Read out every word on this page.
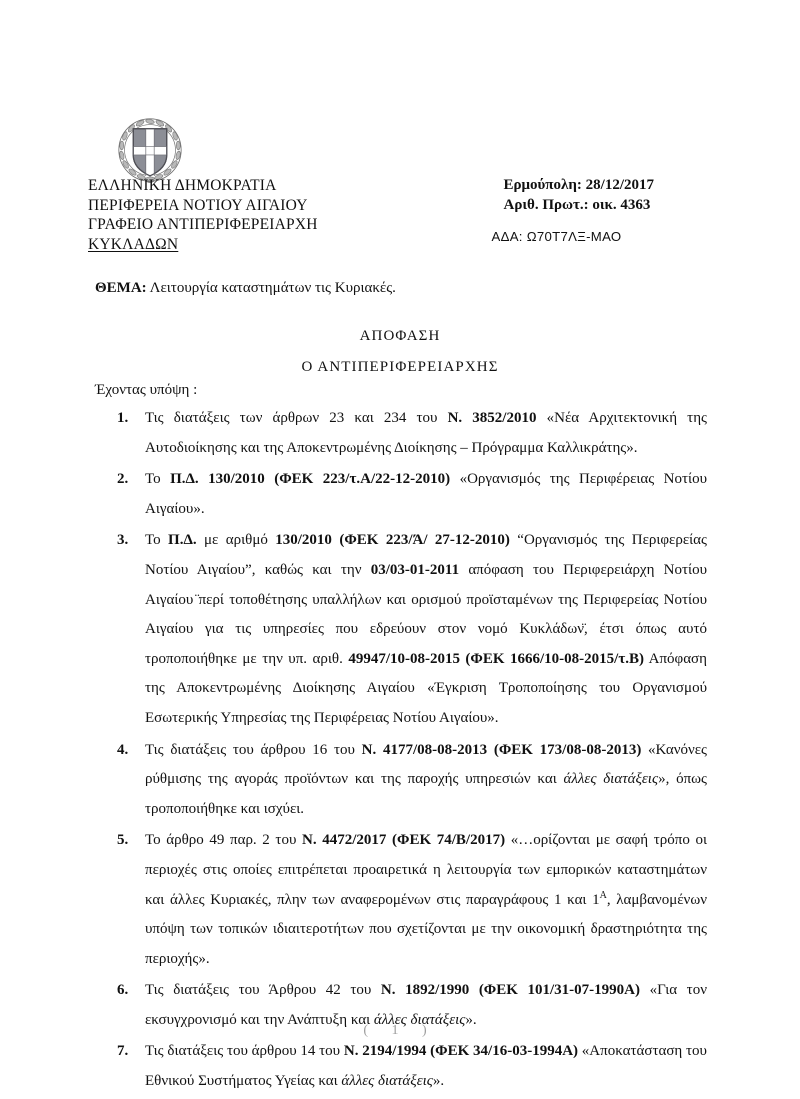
ΕΛΛΗΝΙΚΗ ΔΗΜΟΚΡΑΤΙΑ
ΠΕΡΙΦΕΡΕΙΑ ΝΟΤΙΟΥ ΑΙΓΑΙΟΥ
ΓΡΑΦΕΙΟ ΑΝΤΙΠΕΡΙΦΕΡΕΙΑΡΧΗ
ΚΥΚΛΑΔΩΝ
Ερμούπολη: 28/12/2017
Αριθ. Πρωτ.: οικ. 4363
ΑΔΑ: Ω70Τ7ΛΞ-ΜΑΟ
ΘΕΜΑ: Λειτουργία καταστημάτων τις Κυριακές.
ΑΠΟΦΑΣΗ
Ο ΑΝΤΙΠΕΡΙΦΕΡΕΙΑΡΧΗΣ
Έχοντας υπόψη :
1.	Τις διατάξεις των άρθρων 23 και 234 του Ν. 3852/2010 «Νέα Αρχιτεκτονική της Αυτοδιοίκησης και της Αποκεντρωμένης Διοίκησης – Πρόγραμμα Καλλικράτης».
2.	Το Π.Δ. 130/2010 (ΦΕΚ 223/τ.Α/22-12-2010) «Οργανισμός της Περιφέρειας Νοτίου Αιγαίου».
3.	Το Π.Δ. με αριθμό 130/2010 (ΦΕΚ 223/Ά/ 27-12-2010) “Οργανισμός της Περιφερείας Νοτίου Αιγαίου”, καθώς και την 03/03-01-2011 απόφαση του Περιφερειάρχη Νοτίου Αιγαίου ̈περί τοποθέτησης υπαλλήλων και ορισμού προϊσταμένων της Περιφερείας Νοτίου Αιγαίου για τις υπηρεσίες που εδρεύουν στον νομό Κυκλάδων̈, έτσι όπως αυτό τροποποιήθηκε με την υπ. αριθ. 49947/10-08-2015 (ΦΕΚ 1666/10-08-2015/τ.Β) Απόφαση της Αποκεντρωμένης Διοίκησης Αιγαίου «Έγκριση Τροποποίησης του Οργανισμού Εσωτερικής Υπηρεσίας της Περιφέρειας Νοτίου Αιγαίου».
4.	Τις διατάξεις του άρθρου 16 του Ν. 4177/08-08-2013 (ΦΕΚ 173/08-08-2013) «Κανόνες ρύθμισης της αγοράς προϊόντων και της παροχής υπηρεσιών και άλλες διατάξεις», όπως τροποποιήθηκε και ισχύει.
5.	Το άρθρο 49 παρ. 2 του Ν. 4472/2017 (ΦΕΚ 74/Β/2017) «…ορίζονται με σαφή τρόπο οι περιοχές στις οποίες επιτρέπεται προαιρετικά η λειτουργία των εμπορικών καταστημάτων και άλλες Κυριακές, πλην των αναφερομένων στις παραγράφους 1 και $1^A$, λαμβανομένων υπόψη των τοπικών ιδιαιτεροτήτων που σχετίζονται με την οικονομική δραστηριότητα της περιοχής».
6.	Τις διατάξεις του Άρθρου 42 του Ν. 1892/1990 (ΦΕΚ 101/31-07-1990Α) «Για τον εκσυγχρονισμό και την Ανάπτυξη και άλλες διατάξεις».
7.	Τις διατάξεις του άρθρου 14 του Ν. 2194/1994 (ΦΕΚ 34/16-03-1994Α) «Αποκατάσταση του Εθνικού Συστήματος Υγείας και άλλες διατάξεις».
( 1 )
